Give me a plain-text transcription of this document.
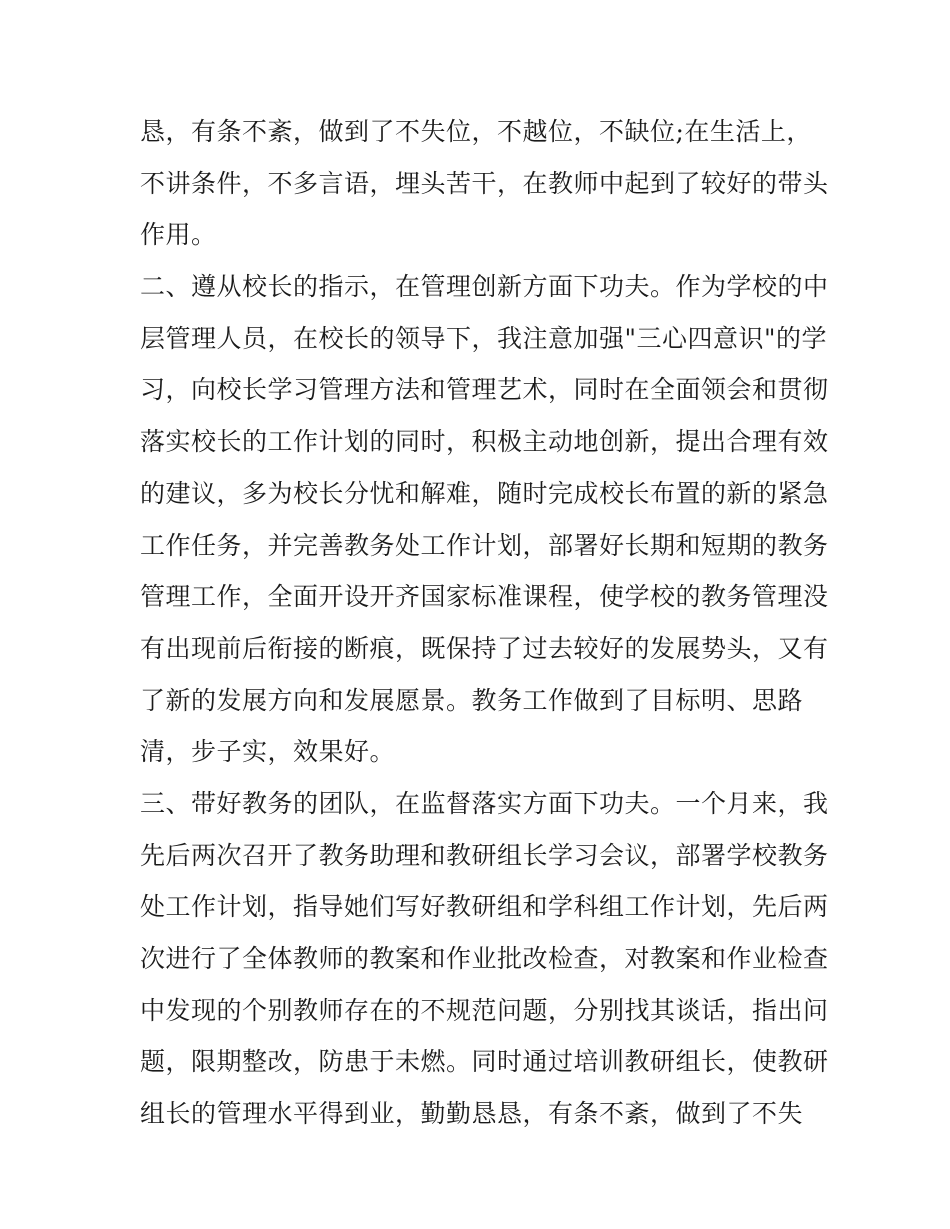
恳，有条不紊，做到了不失位，不越位，不缺位;在生活上，
不讲条件，不多言语，埋头苦干，在教师中起到了较好的带头
作用。
二、遵从校长的指示，在管理创新方面下功夫。作为学校的中
层管理人员，在校长的领导下，我注意加强"三心四意识"的学
习，向校长学习管理方法和管理艺术，同时在全面领会和贯彻
落实校长的工作计划的同时，积极主动地创新，提出合理有效
的建议，多为校长分忧和解难，随时完成校长布置的新的紧急
工作任务，并完善教务处工作计划，部署好长期和短期的教务
管理工作，全面开设开齐国家标准课程，使学校的教务管理没
有出现前后衔接的断痕，既保持了过去较好的发展势头，又有
了新的发展方向和发展愿景。教务工作做到了目标明、思路
清，步子实，效果好。
三、带好教务的团队，在监督落实方面下功夫。一个月来，我
先后两次召开了教务助理和教研组长学习会议，部署学校教务
处工作计划，指导她们写好教研组和学科组工作计划，先后两
次进行了全体教师的教案和作业批改检查，对教案和作业检查
中发现的个别教师存在的不规范问题，分别找其谈话，指出问
题，限期整改，防患于未燃。同时通过培训教研组长，使教研
组长的管理水平得到业，勤勤恳恳，有条不紊，做到了不失
